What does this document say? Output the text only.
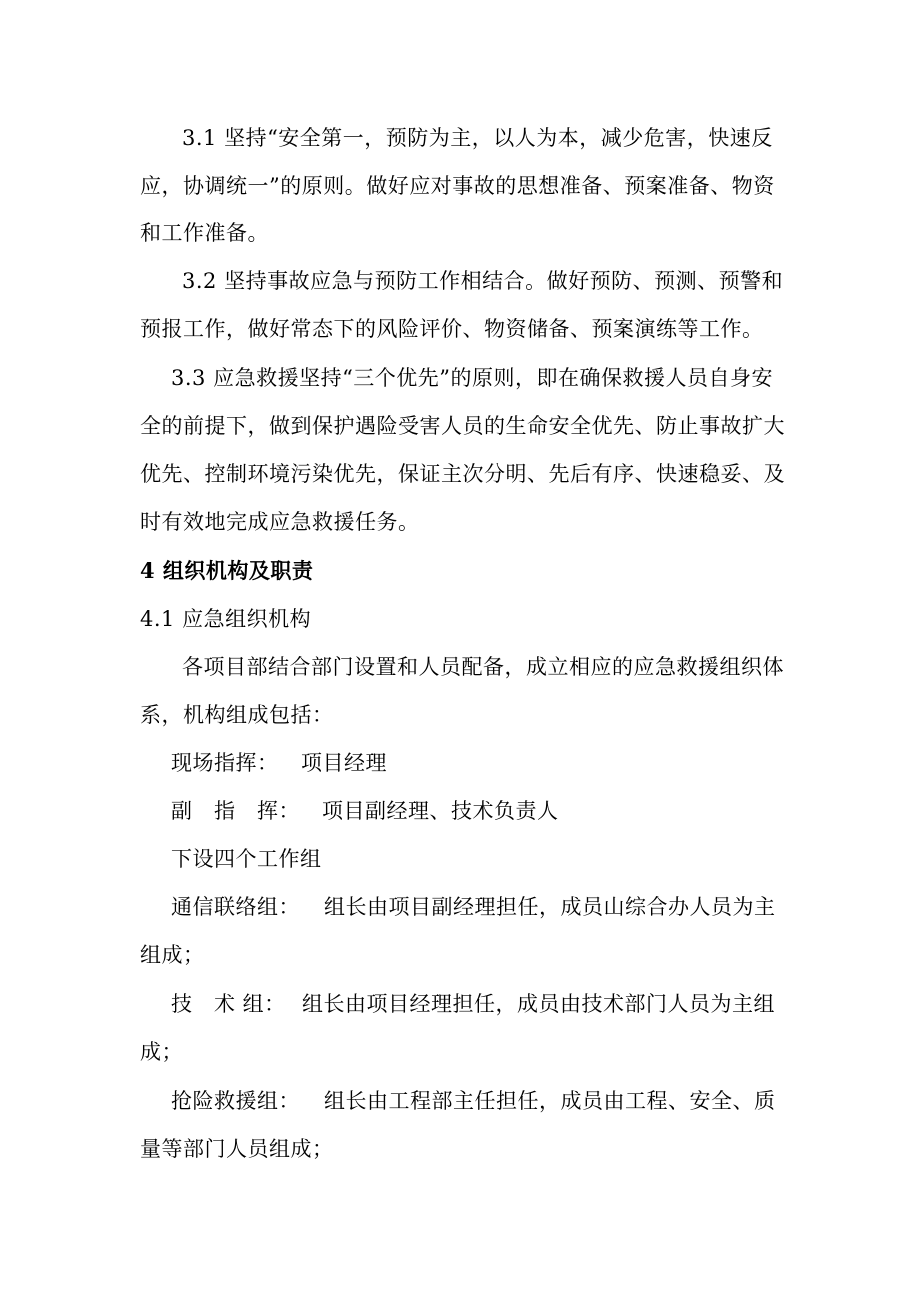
3.1 坚持“安全第一，预防为主，以人为本，减少危害，快速反
应，协调统一”的原则。做好应对事故的思想准备、预案准备、物资
和工作准备。
3.2 坚持事故应急与预防工作相结合。做好预防、预测、预警和
预报工作，做好常态下的风险评价、物资储备、预案演练等工作。
3.3 应急救援坚持“三个优先”的原则，即在确保救援人员自身安
全的前提下，做到保护遇险受害人员的生命安全优先、防止事故扩大
优先、控制环境污染优先，保证主次分明、先后有序、快速稳妥、及
时有效地完成应急救援任务。
4 组织机构及职责
4.1 应急组织机构
各项目部结合部门设置和人员配备，成立相应的应急救援组织体
系，机构组成包括：
现场指挥： 项目经理
副　指　挥： 项目副经理、技术负责人
下设四个工作组
通信联络组： 组长由项目副经理担任，成员山综合办人员为主
组成；
技　术 组： 组长由项目经理担任，成员由技术部门人员为主组
成；
抢险救援组： 组长由工程部主任担任，成员由工程、安全、质
量等部门人员组成；
